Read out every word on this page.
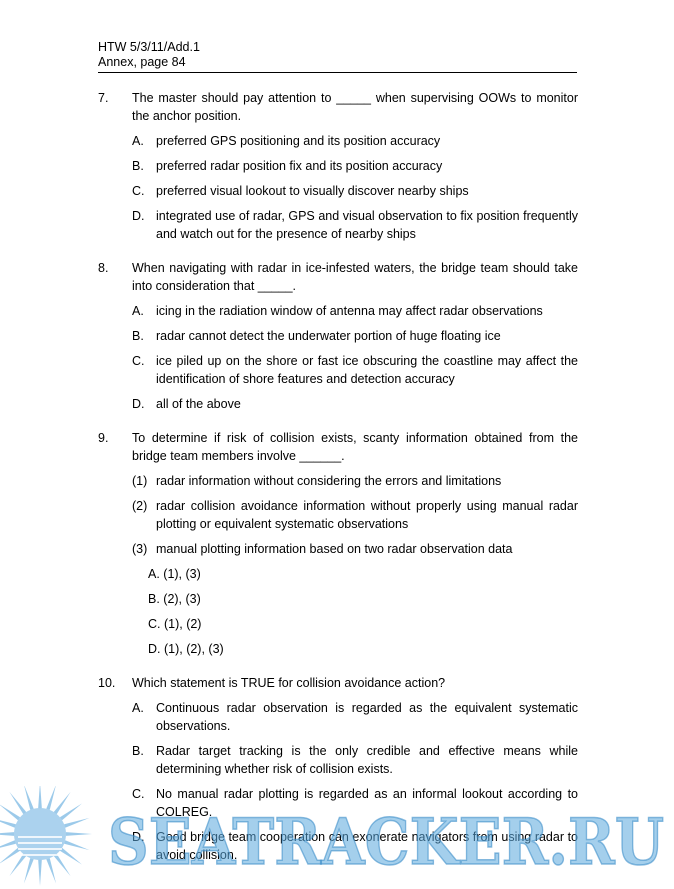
HTW 5/3/11/Add.1
Annex, page 84
7. The master should pay attention to _____ when supervising OOWs to monitor the anchor position.
A. preferred GPS positioning and its position accuracy
B. preferred radar position fix and its position accuracy
C. preferred visual lookout to visually discover nearby ships
D. integrated use of radar, GPS and visual observation to fix position frequently and watch out for the presence of nearby ships
8. When navigating with radar in ice-infested waters, the bridge team should take into consideration that _____.
A. icing in the radiation window of antenna may affect radar observations
B. radar cannot detect the underwater portion of huge floating ice
C. ice piled up on the shore or fast ice obscuring the coastline may affect the identification of shore features and detection accuracy
D. all of the above
9. To determine if risk of collision exists, scanty information obtained from the bridge team members involve ______.
(1) radar information without considering the errors and limitations
(2) radar collision avoidance information without properly using manual radar plotting or equivalent systematic observations
(3) manual plotting information based on two radar observation data
A. (1), (3)
B. (2), (3)
C. (1), (2)
D. (1), (2), (3)
10. Which statement is TRUE for collision avoidance action?
A. Continuous radar observation is regarded as the equivalent systematic observations.
B. Radar target tracking is the only credible and effective means while determining whether risk of collision exists.
C. No manual radar plotting is regarded as an informal lookout according to COLREG.
D. Good bridge team cooperation can exonerate navigators from using radar to avoid collision.
SEATRACKER.RU
